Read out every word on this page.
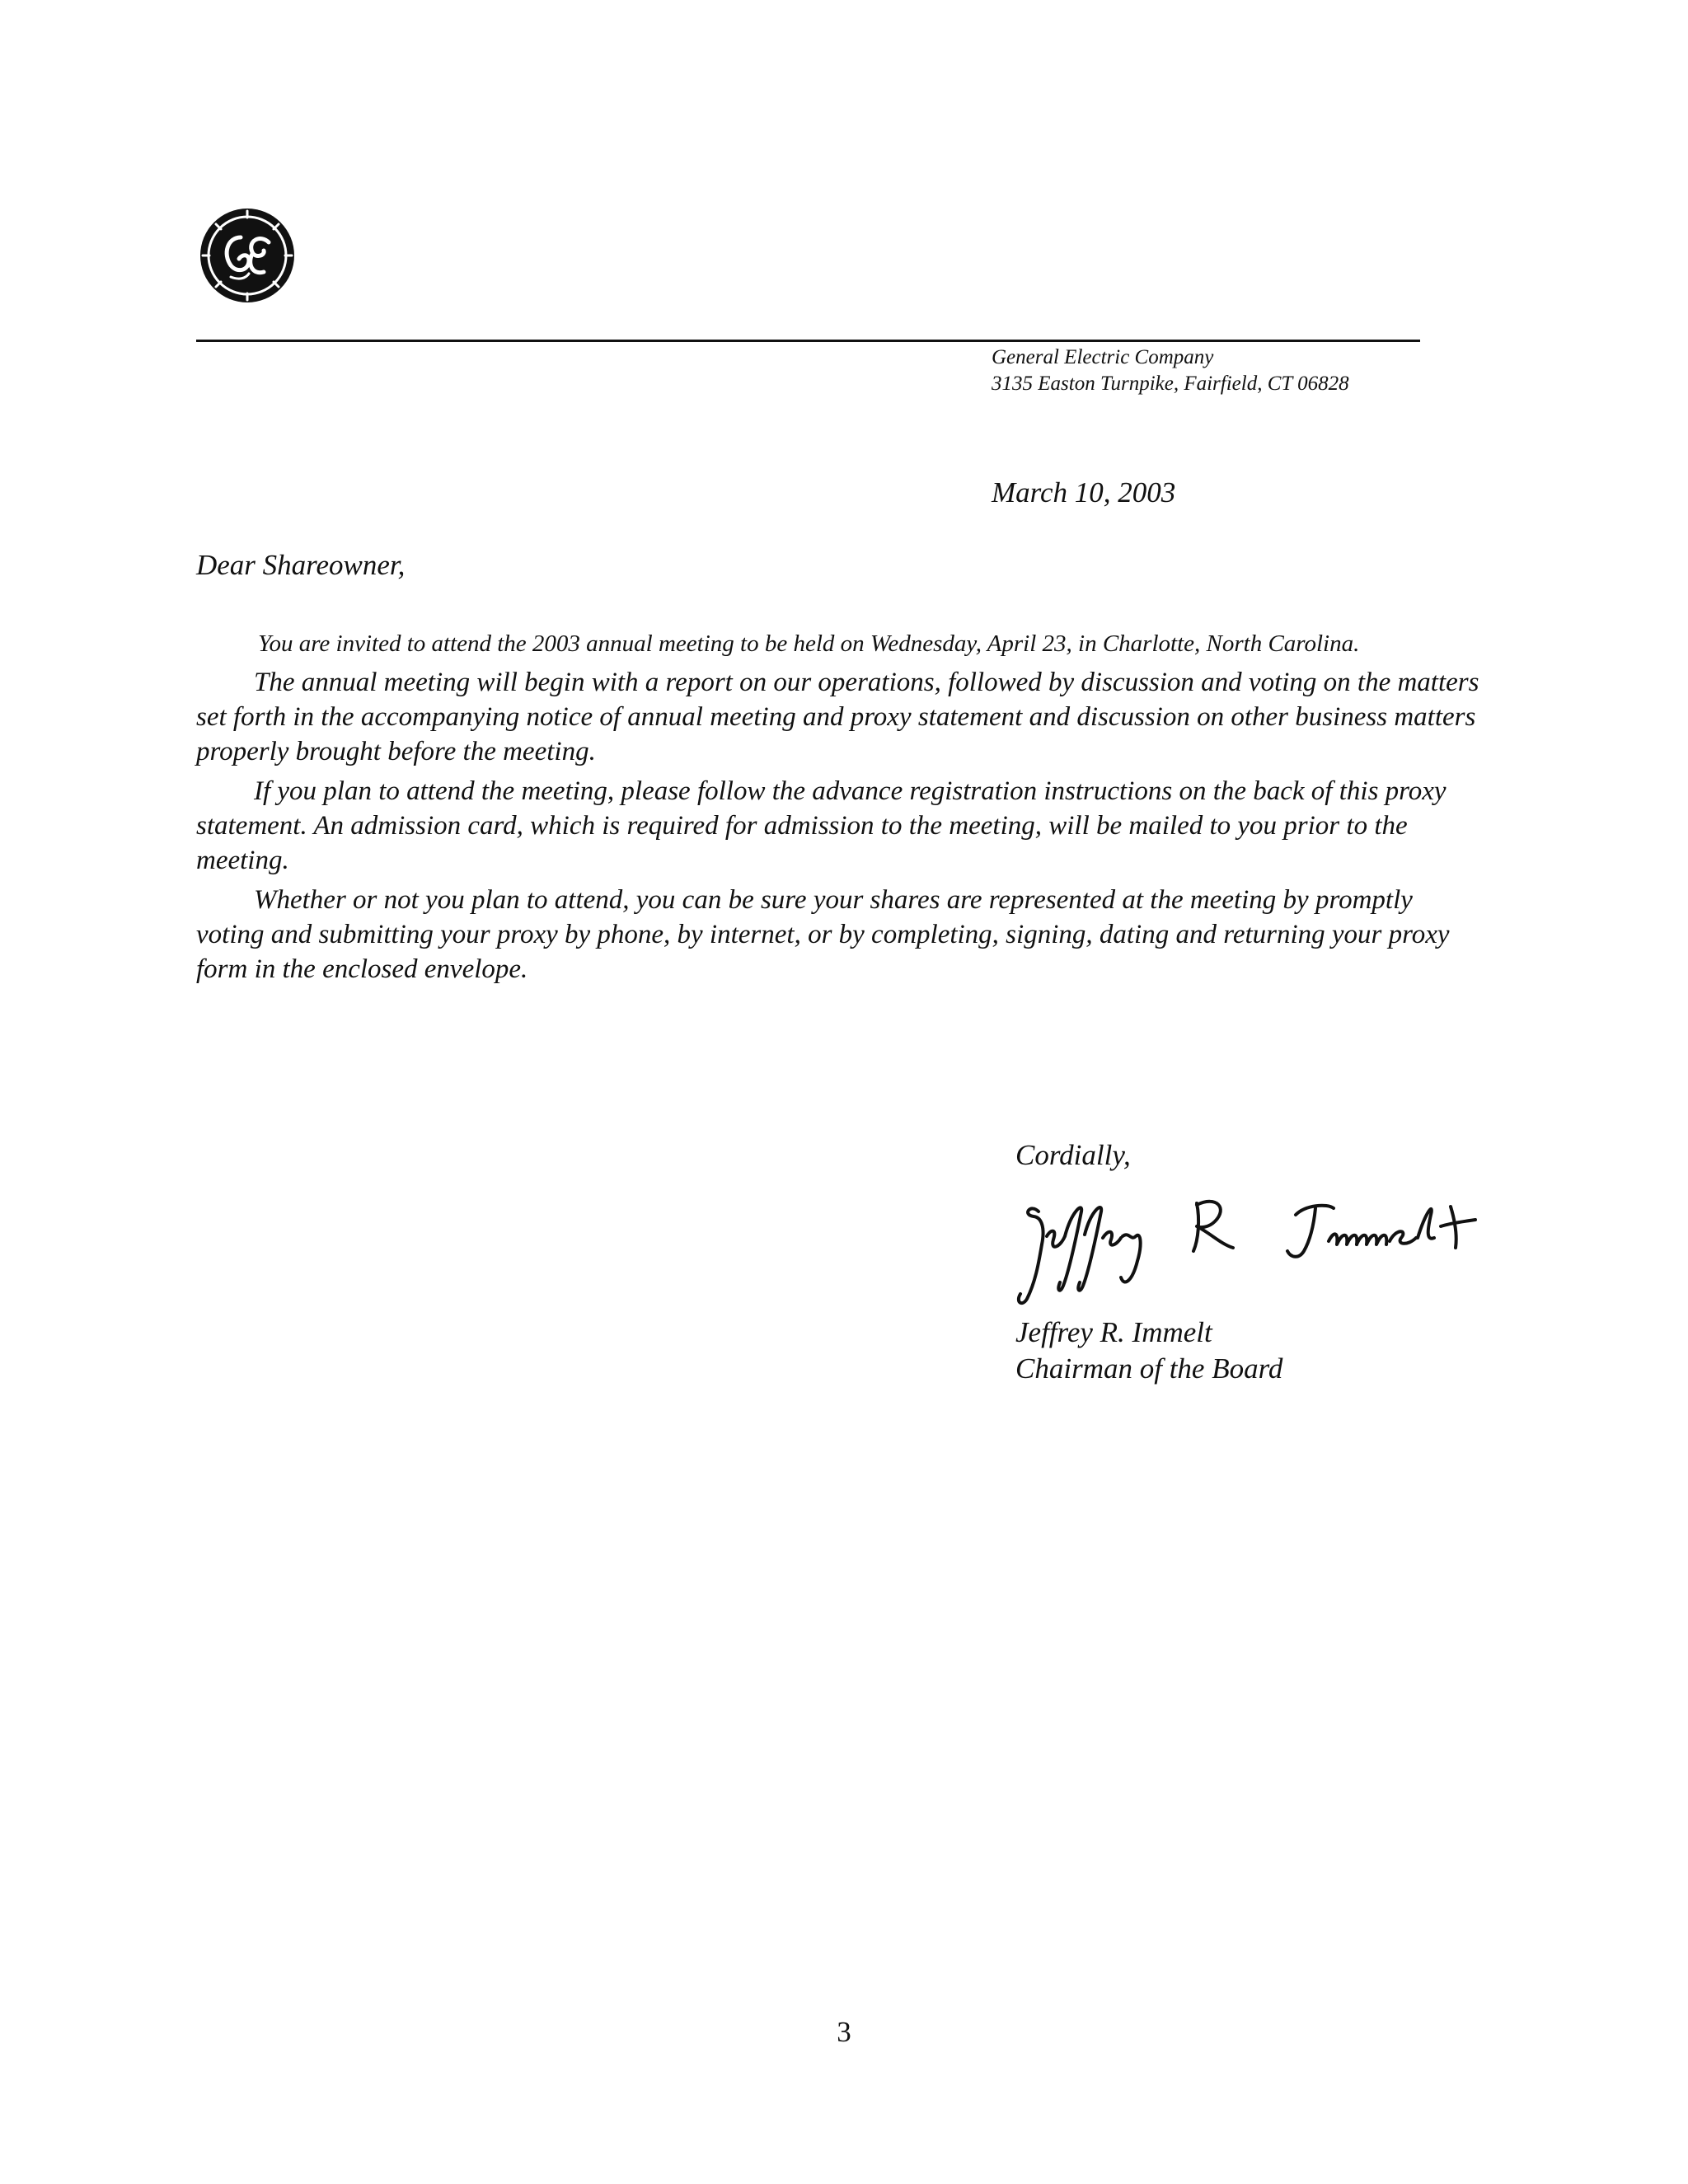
General Electric Company
3135 Easton Turnpike, Fairfield, CT 06828
March 10, 2003
Dear Shareowner,

You are invited to attend the 2003 annual meeting to be held on Wednesday, April 23, in Charlotte, North Carolina.

The annual meeting will begin with a report on our operations, followed by discussion and voting on the matters set forth in the accompanying notice of annual meeting and proxy statement and discussion on other business matters properly brought before the meeting.

If you plan to attend the meeting, please follow the advance registration instructions on the back of this proxy statement. An admission card, which is required for admission to the meeting, will be mailed to you prior to the meeting.

Whether or not you plan to attend, you can be sure your shares are represented at the meeting by promptly voting and submitting your proxy by phone, by internet, or by completing, signing, dating and returning your proxy form in the enclosed envelope.

Cordially,
Jeffrey R. Immelt
Chairman of the Board
3
